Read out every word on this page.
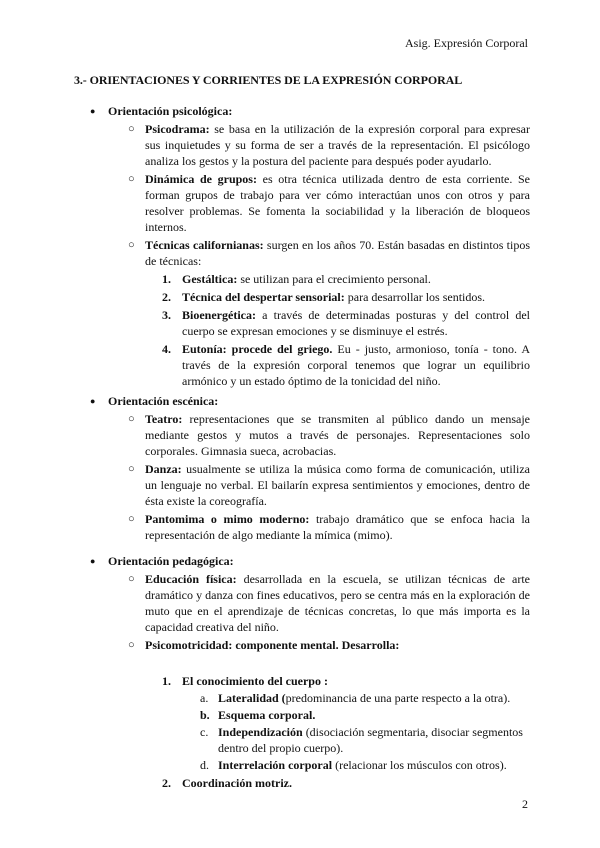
Asig. Expresión Corporal
3.- ORIENTACIONES Y CORRIENTES DE LA EXPRESIÓN CORPORAL
● Orientación psicológica:
○ Psicodrama: se basa en la utilización de la expresión corporal para expresar sus inquietudes y su forma de ser a través de la representación. El psicólogo analiza los gestos y la postura del paciente para después poder ayudarlo.
○ Dinámica de grupos: es otra técnica utilizada dentro de esta corriente. Se forman grupos de trabajo para ver cómo interactúan unos con otros y para resolver problemas. Se fomenta la sociabilidad y la liberación de bloqueos internos.
○ Técnicas californianas: surgen en los años 70. Están basadas en distintos tipos de técnicas:
1. Gestáltica: se utilizan para el crecimiento personal.
2. Técnica del despertar sensorial: para desarrollar los sentidos.
3. Bioenergética: a través de determinadas posturas y del control del cuerpo se expresan emociones y se disminuye el estrés.
4. Eutonía: procede del griego. Eu - justo, armonioso, tonía - tono. A través de la expresión corporal tenemos que lograr un equilibrio armónico y un estado óptimo de la tonicidad del niño.
● Orientación escénica:
○ Teatro: representaciones que se transmiten al público dando un mensaje mediante gestos y mutos a través de personajes. Representaciones solo corporales. Gimnasia sueca, acrobacias.
○ Danza: usualmente se utiliza la música como forma de comunicación, utiliza un lenguaje no verbal. El bailarín expresa sentimientos y emociones, dentro de ésta existe la coreografía.
○ Pantomima o mimo moderno: trabajo dramático que se enfoca hacia la representación de algo mediante la mímica (mimo).
● Orientación pedagógica:
○ Educación física: desarrollada en la escuela, se utilizan técnicas de arte dramático y danza con fines educativos, pero se centra más en la exploración de muto que en el aprendizaje de técnicas concretas, lo que más importa es la capacidad creativa del niño.
○ Psicomotricidad: componente mental. Desarrolla:
1. El conocimiento del cuerpo :
a. Lateralidad (predominancia de una parte respecto a la otra).
b. Esquema corporal.
c. Independización (disociación segmentaria, disociar segmentos dentro del propio cuerpo).
d. Interrelación corporal (relacionar los músculos con otros).
2. Coordinación motriz.
2
